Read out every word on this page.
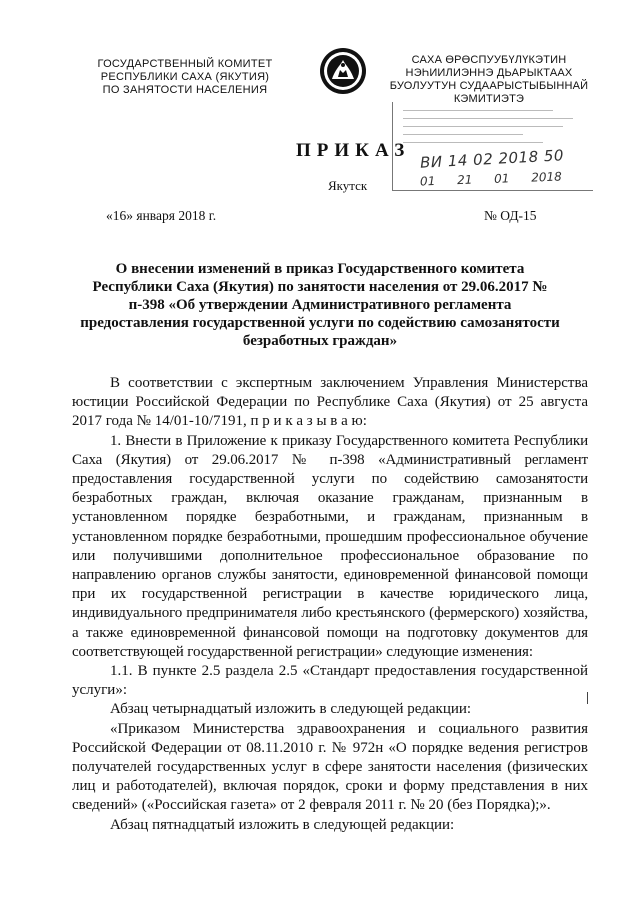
ГОСУДАРСТВЕННЫЙ КОМИТЕТ
РЕСПУБЛИКИ САХА (ЯКУТИЯ)
ПО ЗАНЯТОСТИ НАСЕЛЕНИЯ
САХА ӨРӨСПУУБҮЛҮКЭТИН
НЭҺИИЛИЭННЭ ДЬАРЫКТААХ
БУОЛУУТУН СУДААРЫСТЫБЫННАЙ
КЭМИТИЭТЭ
ВИ 14 02 2018 50
01 21 01 2018
ПРИКАЗ
Якутск
«16» января 2018 г.	№ ОД-15
О внесении изменений в приказ Государственного комитета Республики Саха (Якутия) по занятости населения от 29.06.2017 № п-398 «Об утверждении Административного регламента предоставления государственной услуги по содействию самозанятости безработных граждан»

В соответствии с экспертным заключением Управления Министерства юстиции Российской Федерации по Республике Саха (Якутия) от 25 августа 2017 года № 14/01-10/7191, п р и к а з ы в а ю:

1. Внести в Приложение к приказу Государственного комитета Республики Саха (Якутия) от 29.06.2017 № п-398 «Административный регламент предоставления государственной услуги по содействию самозанятости безработных граждан, включая оказание гражданам, признанным в установленном порядке безработными, и гражданам, признанным в установленном порядке безработными, прошедшим профессиональное обучение или получившими дополнительное профессиональное образование по направлению органов службы занятости, единовременной финансовой помощи при их государственной регистрации в качестве юридического лица, индивидуального предпринимателя либо крестьянского (фермерского) хозяйства, а также единовременной финансовой помощи на подготовку документов для соответствующей государственной регистрации» следующие изменения:

1.1. В пункте 2.5 раздела 2.5 «Стандарт предоставления государственной услуги»:

Абзац четырнадцатый изложить в следующей редакции:

«Приказом Министерства здравоохранения и социального развития Российской Федерации от 08.11.2010 г. № 972н «О порядке ведения регистров получателей государственных услуг в сфере занятости населения (физических лиц и работодателей), включая порядок, сроки и форму представления в них сведений» («Российская газета» от 2 февраля 2011 г. № 20 (без Порядка);».

Абзац пятнадцатый изложить в следующей редакции:
